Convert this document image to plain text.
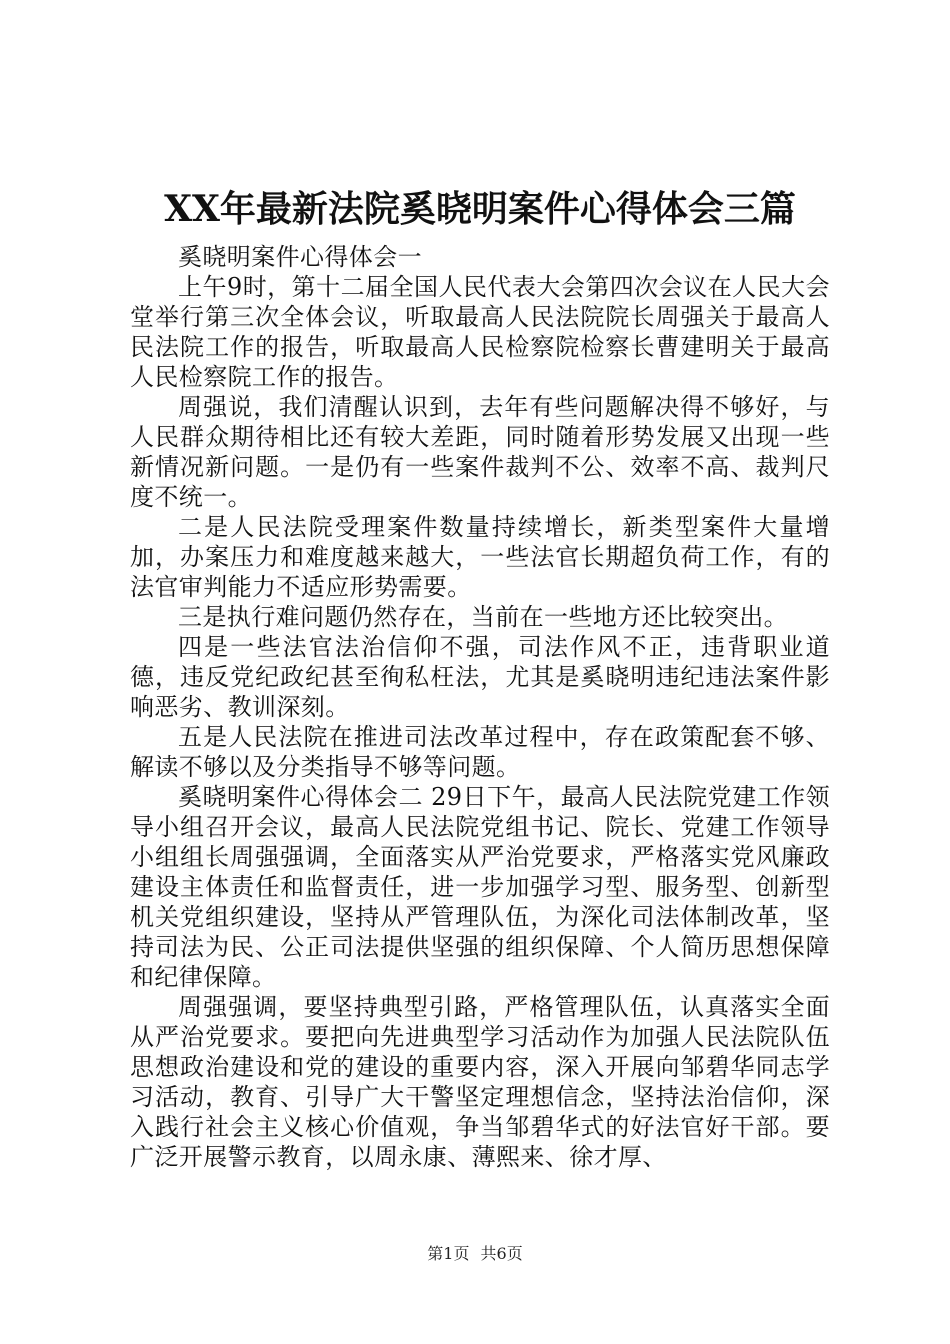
XX年最新法院奚晓明案件心得体会三篇

奚晓明案件心得体会一

上午9时，第十二届全国人民代表大会第四次会议在人民大会堂举行第三次全体会议，听取最高人民法院院长周强关于最高人民法院工作的报告，听取最高人民检察院检察长曹建明关于最高人民检察院工作的报告。

周强说，我们清醒认识到，去年有些问题解决得不够好，与人民群众期待相比还有较大差距，同时随着形势发展又出现一些新情况新问题。一是仍有一些案件裁判不公、效率不高、裁判尺度不统一。

二是人民法院受理案件数量持续增长，新类型案件大量增加，办案压力和难度越来越大，一些法官长期超负荷工作，有的法官审判能力不适应形势需要。

三是执行难问题仍然存在，当前在一些地方还比较突出。

四是一些法官法治信仰不强，司法作风不正，违背职业道德，违反党纪政纪甚至徇私枉法，尤其是奚晓明违纪违法案件影响恶劣、教训深刻。

五是人民法院在推进司法改革过程中，存在政策配套不够、解读不够以及分类指导不够等问题。

奚晓明案件心得体会二 29日下午，最高人民法院党建工作领导小组召开会议，最高人民法院党组书记、院长、党建工作领导小组组长周强强调，全面落实从严治党要求，严格落实党风廉政建设主体责任和监督责任，进一步加强学习型、服务型、创新型机关党组织建设，坚持从严管理队伍，为深化司法体制改革，坚持司法为民、公正司法提供坚强的组织保障、个人简历思想保障和纪律保障。

周强强调，要坚持典型引路，严格管理队伍，认真落实全面从严治党要求。要把向先进典型学习活动作为加强人民法院队伍思想政治建设和党的建设的重要内容，深入开展向邹碧华同志学习活动，教育、引导广大干警坚定理想信念，坚持法治信仰，深入践行社会主义核心价值观，争当邹碧华式的好法官好干部。要广泛开展警示教育，以周永康、薄熙来、徐才厚、

第1页 共6页
